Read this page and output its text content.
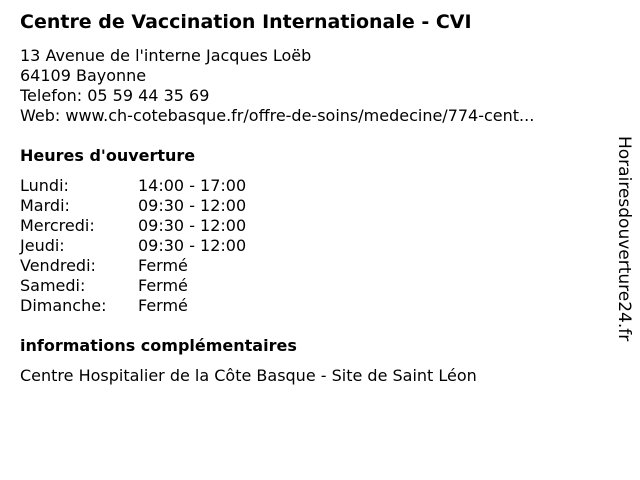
Centre de Vaccination Internationale - CVI
13 Avenue de l'interne Jacques Loëb
64109 Bayonne
Telefon: 05 59 44 35 69
Web: www.ch-cotebasque.fr/offre-de-soins/medecine/774-cent...
Heures d'ouverture
Lundi:	14:00 - 17:00
Mardi:	09:30 - 12:00
Mercredi:	09:30 - 12:00
Jeudi:	09:30 - 12:00
Vendredi:	Fermé
Samedi:	Fermé
Dimanche:	Fermé
informations complémentaires
Centre Hospitalier de la Côte Basque - Site de Saint Léon
Horairesdouverture24.fr
